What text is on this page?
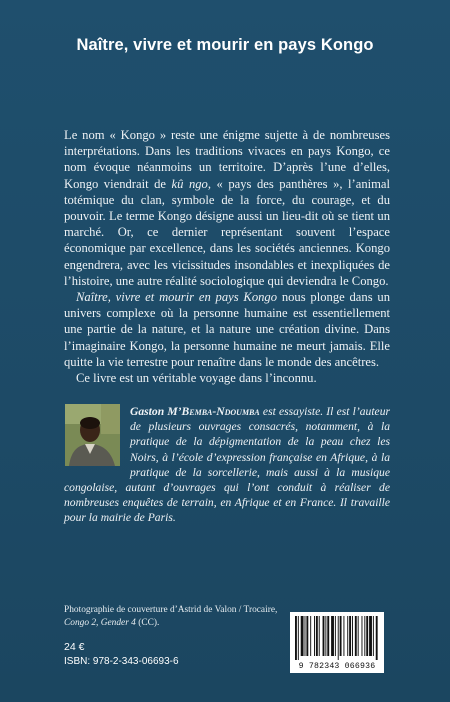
Naître, vivre et mourir en pays Kongo

Le nom « Kongo » reste une énigme sujette à de nombreuses interprétations. Dans les traditions vivaces en pays Kongo, ce nom évoque néanmoins un territoire. D’après l’une d’elles, Kongo viendrait de kû ngo, « pays des panthères », l’animal totémique du clan, symbole de la force, du courage, et du pouvoir. Le terme Kongo désigne aussi un lieu-dit où se tient un marché. Or, ce dernier représentant souvent l’espace économique par excellence, dans les sociétés anciennes. Kongo engendrera, avec les vicissitudes insondables et inexpliquées de l’histoire, une autre réalité sociologique qui deviendra le Congo.

Naître, vivre et mourir en pays Kongo nous plonge dans un univers complexe où la personne humaine est essentiellement une partie de la nature, et la nature une création divine. Dans l’imaginaire Kongo, la personne humaine ne meurt jamais. Elle quitte la vie terrestre pour renaître dans le monde des ancêtres.

Ce livre est un véritable voyage dans l’inconnu.

Gaston M’Bemba-Ndoumba est essayiste. Il est l’auteur de plusieurs ouvrages consacrés, notamment, à la pratique de la dépigmentation de la peau chez les Noirs, à l’école d’expression française en Afrique, à la pratique de la sorcellerie, mais aussi à la musique congolaise, autant d’ouvrages qui l’ont conduit à réaliser de nombreuses enquêtes de terrain, en Afrique et en France. Il travaille pour la mairie de Paris.
Photographie de couverture d’Astrid de Valon / Trocaire, Congo 2, Gender 4 (CC).
24 €
ISBN: 978-2-343-06693-6	9 782343 066936
